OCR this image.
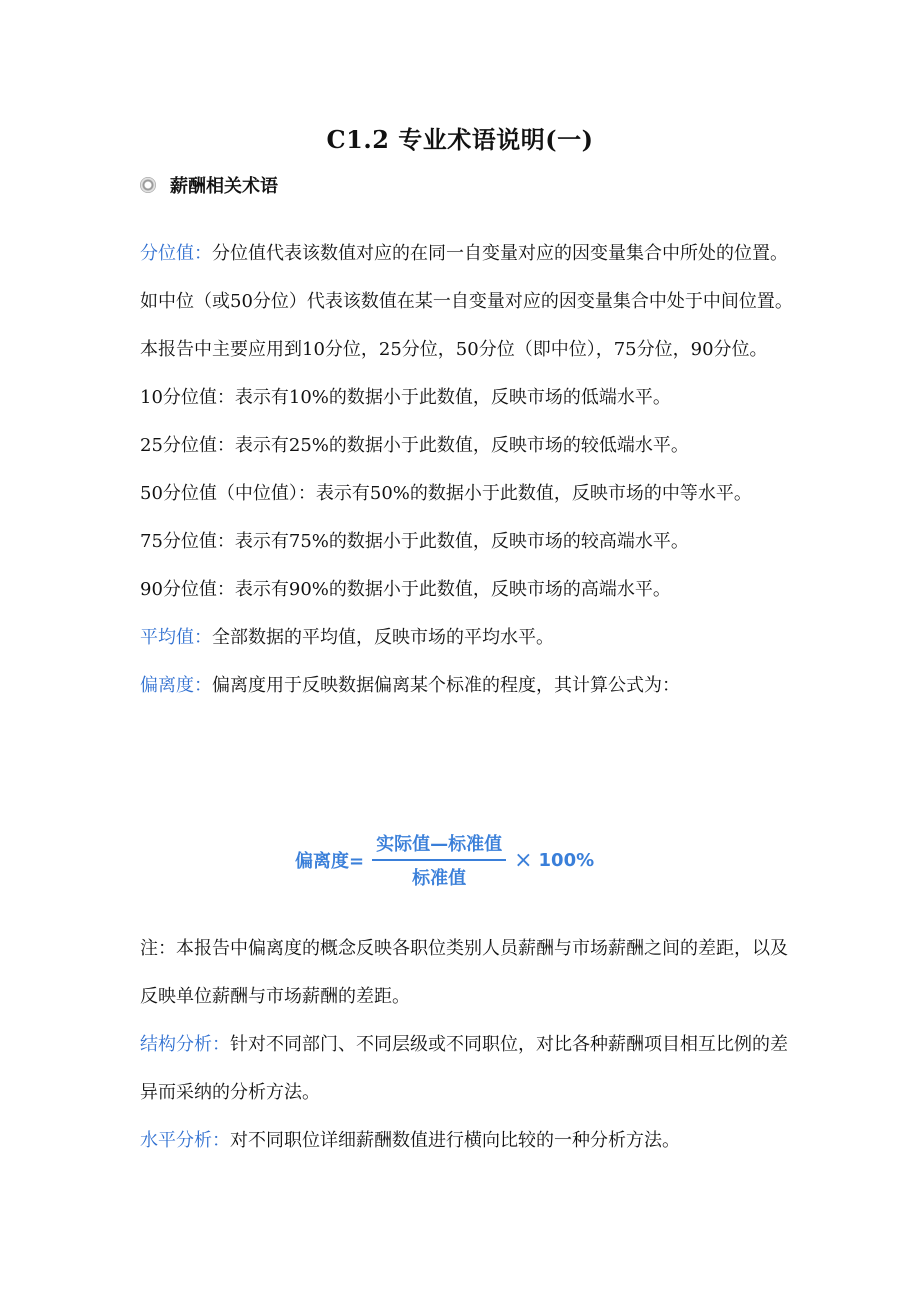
C1.2 专业术语说明(一)
薪酬相关术语

分位值：分位值代表该数值对应的在同一自变量对应的因变量集合中所处的位置。如中位（或50分位）代表该数值在某一自变量对应的因变量集合中处于中间位置。本报告中主要应用到10分位，25分位，50分位（即中位），75分位，90分位。

10分位值：表示有10%的数据小于此数值，反映市场的低端水平。

25分位值：表示有25%的数据小于此数值，反映市场的较低端水平。

50分位值（中位值）：表示有50%的数据小于此数值，反映市场的中等水平。

75分位值：表示有75%的数据小于此数值，反映市场的较高端水平。

90分位值：表示有90%的数据小于此数值，反映市场的高端水平。

平均值：全部数据的平均值，反映市场的平均水平。

偏离度：偏离度用于反映数据偏离某个标准的程度，其计算公式为：

偏离度= $\frac{\text{实际值—标准值}}{\text{标准值}} \times 100\%$

注：本报告中偏离度的概念反映各职位类别人员薪酬与市场薪酬之间的差距，以及反映单位薪酬与市场薪酬的差距。

结构分析：针对不同部门、不同层级或不同职位，对比各种薪酬项目相互比例的差异而采纳的分析方法。

水平分析：对不同职位详细薪酬数值进行横向比较的一种分析方法。
